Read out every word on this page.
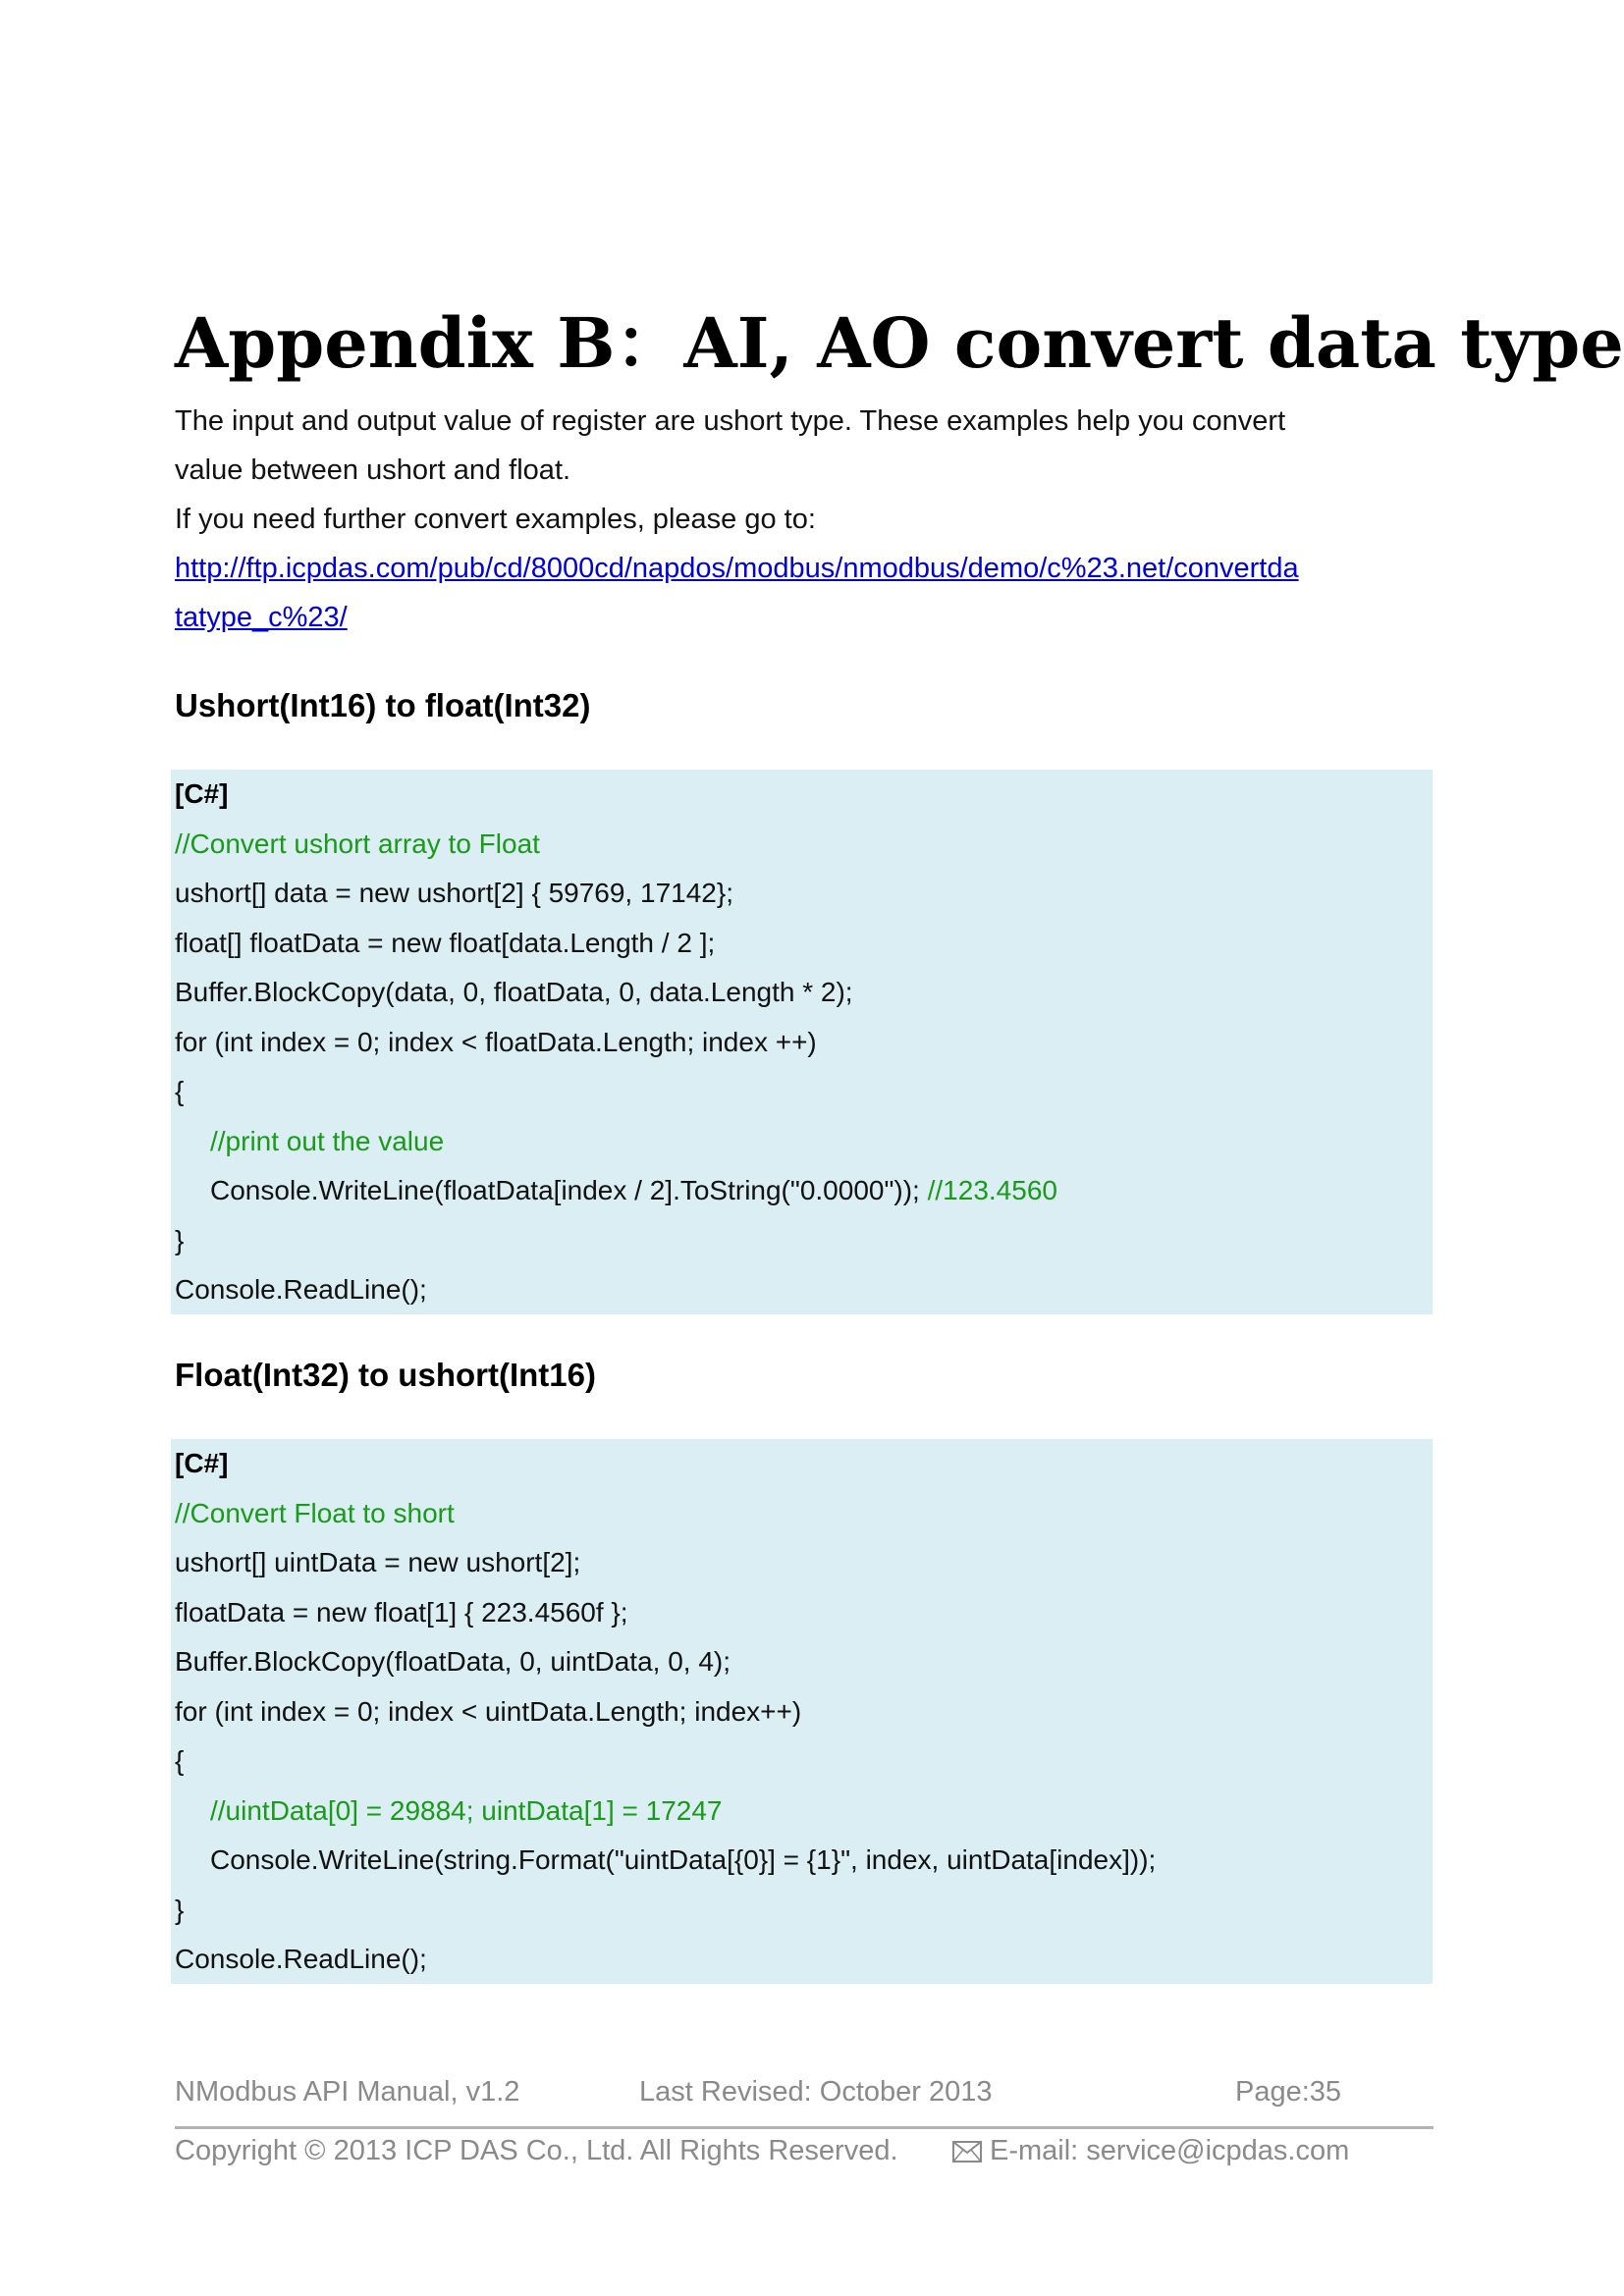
Appendix B：AI, AO convert data type
The input and output value of register are ushort type. These examples help you convert
value between ushort and float.
If you need further convert examples, please go to:
http://ftp.icpdas.com/pub/cd/8000cd/napdos/modbus/nmodbus/demo/c%23.net/convertda
tatype_c%23/
Ushort(Int16) to float(Int32)
[C#]
//Convert ushort array to Float
ushort[] data = new ushort[2] { 59769, 17142};
float[] floatData = new float[data.Length / 2 ];
Buffer.BlockCopy(data, 0, floatData, 0, data.Length * 2);
for (int index = 0; index < floatData.Length; index ++)
{
//print out the value
Console.WriteLine(floatData[index / 2].ToString("0.0000")); //123.4560
}
Console.ReadLine();
Float(Int32) to ushort(Int16)
[C#]
//Convert Float to short
ushort[] uintData = new ushort[2];
floatData = new float[1] { 223.4560f };
Buffer.BlockCopy(floatData, 0, uintData, 0, 4);
for (int index = 0; index < uintData.Length; index++)
{
//uintData[0] = 29884; uintData[1] = 17247
Console.WriteLine(string.Format("uintData[{0}] = {1}", index, uintData[index]));
}
Console.ReadLine();
NModbus API Manual, v1.2	Last Revised: October 2013	Page:35
Copyright © 2013 ICP DAS Co., Ltd. All Rights Reserved.	E-mail: service@icpdas.com
